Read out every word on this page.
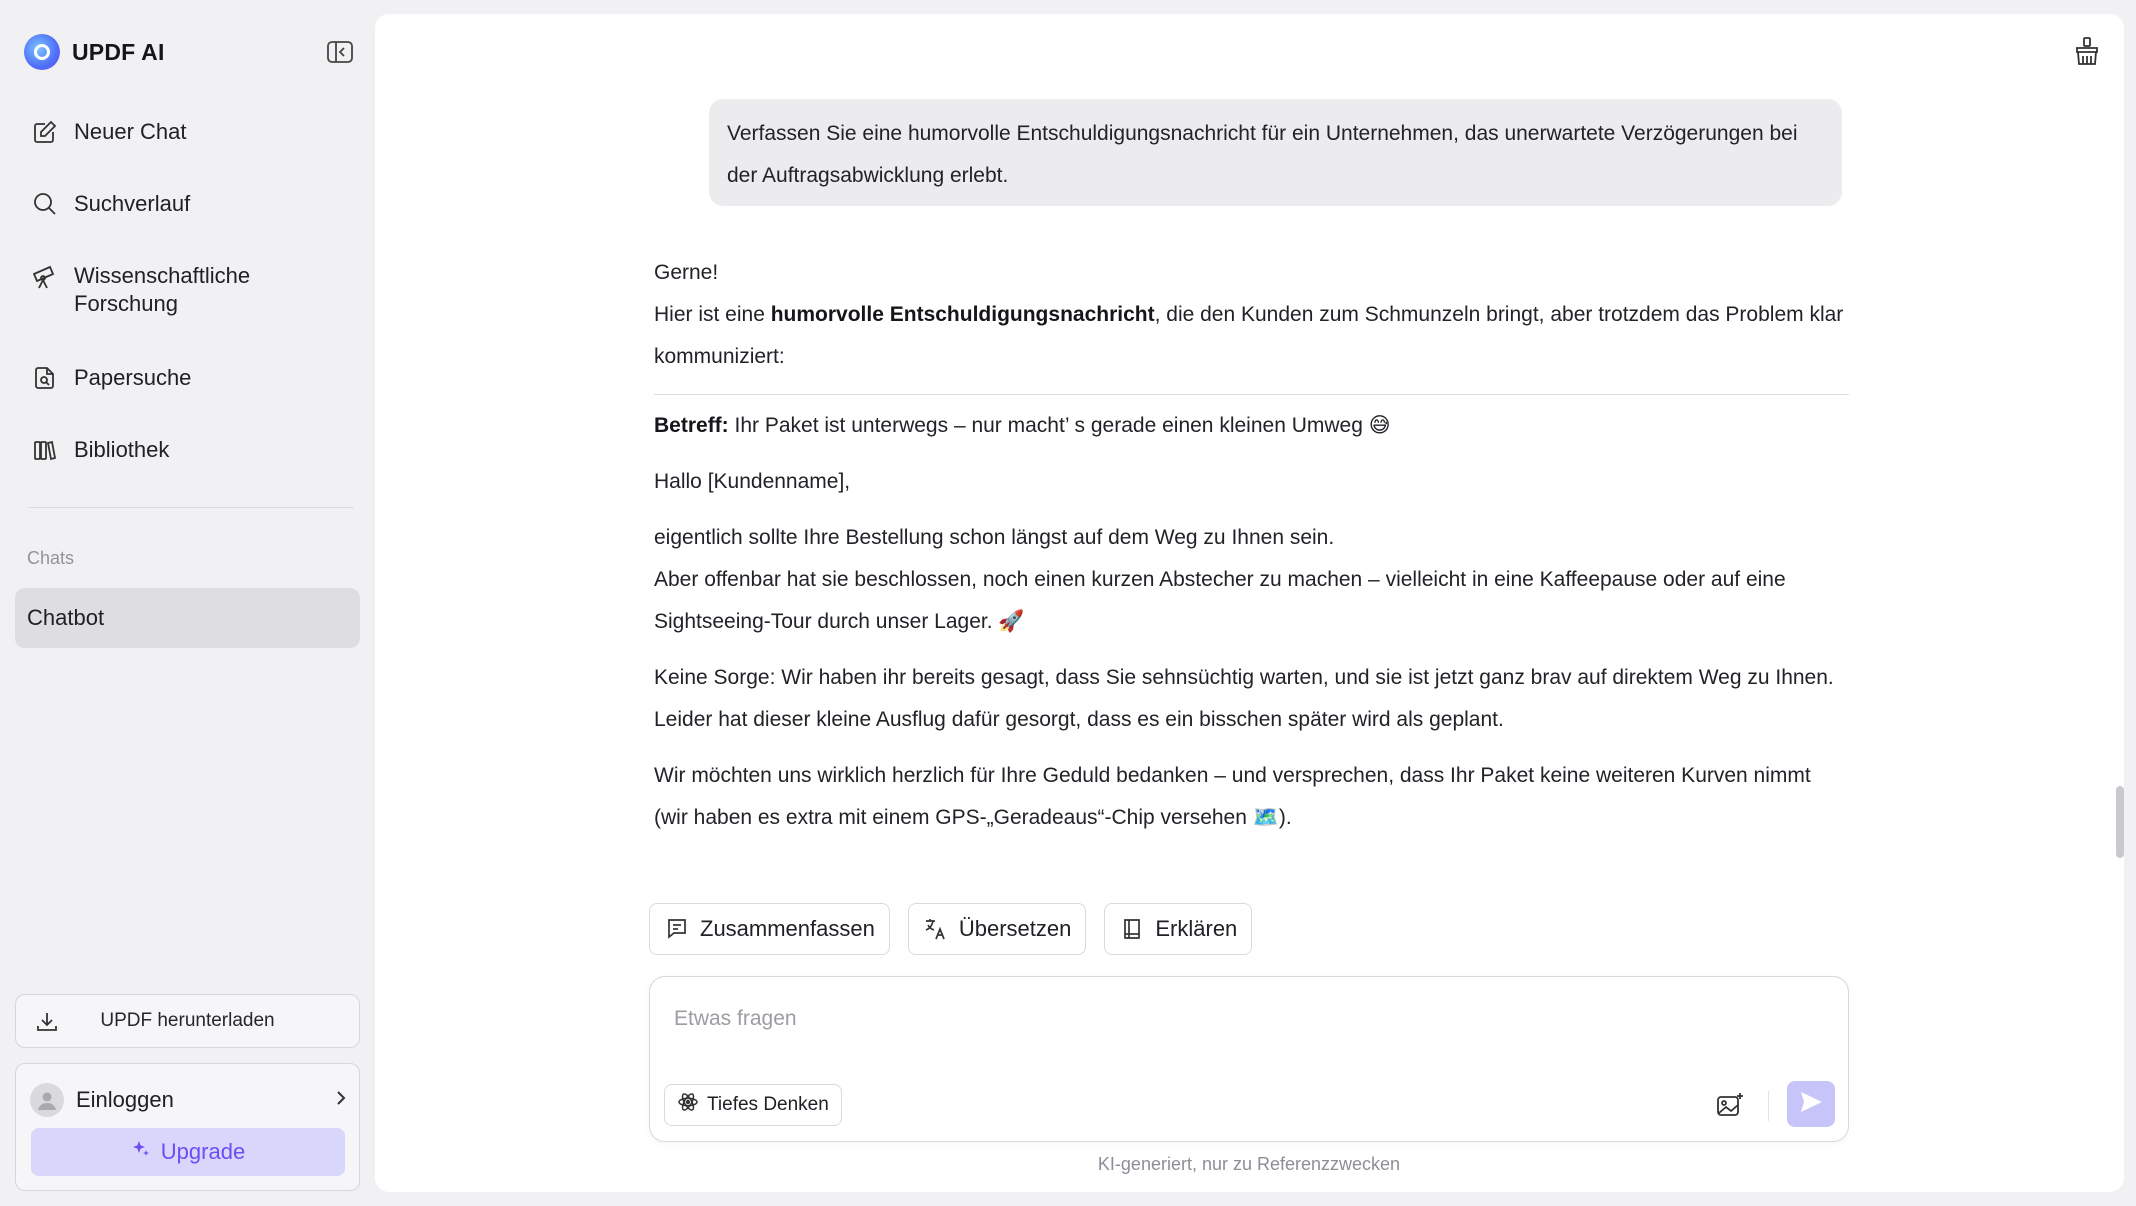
UPDF AI
Neuer Chat
Suchverlauf
Wissenschaftliche Forschung
Papersuche
Bibliothek
Chats
Chatbot
UPDF herunterladen
Einloggen
Upgrade
Verfassen Sie eine humorvolle Entschuldigungsnachricht für ein Unternehmen, das unerwartete Verzögerungen bei der Auftragsabwicklung erlebt.

Gerne!

Hier ist eine humorvolle Entschuldigungsnachricht, die den Kunden zum Schmunzeln bringt, aber trotzdem das Problem klar kommuniziert:

Betreff: Ihr Paket ist unterwegs – nur macht’ s gerade einen kleinen Umweg 😅

Hallo [Kundenname],

eigentlich sollte Ihre Bestellung schon längst auf dem Weg zu Ihnen sein.

Aber offenbar hat sie beschlossen, noch einen kurzen Abstecher zu machen – vielleicht in eine Kaffeepause oder auf eine Sightseeing-Tour durch unser Lager. 🚀

Keine Sorge: Wir haben ihr bereits gesagt, dass Sie sehnsüchtig warten, und sie ist jetzt ganz brav auf direktem Weg zu Ihnen.

Leider hat dieser kleine Ausflug dafür gesorgt, dass es ein bisschen später wird als geplant.

Wir möchten uns wirklich herzlich für Ihre Geduld bedanken – und versprechen, dass Ihr Paket keine weiteren Kurven nimmt (wir haben es extra mit einem GPS-„Geradeaus“-Chip versehen 🗺️).

Zusammenfassen	Übersetzen	Erklären
Etwas fragen
Tiefes Denken
KI-generiert, nur zu Referenzzwecken
